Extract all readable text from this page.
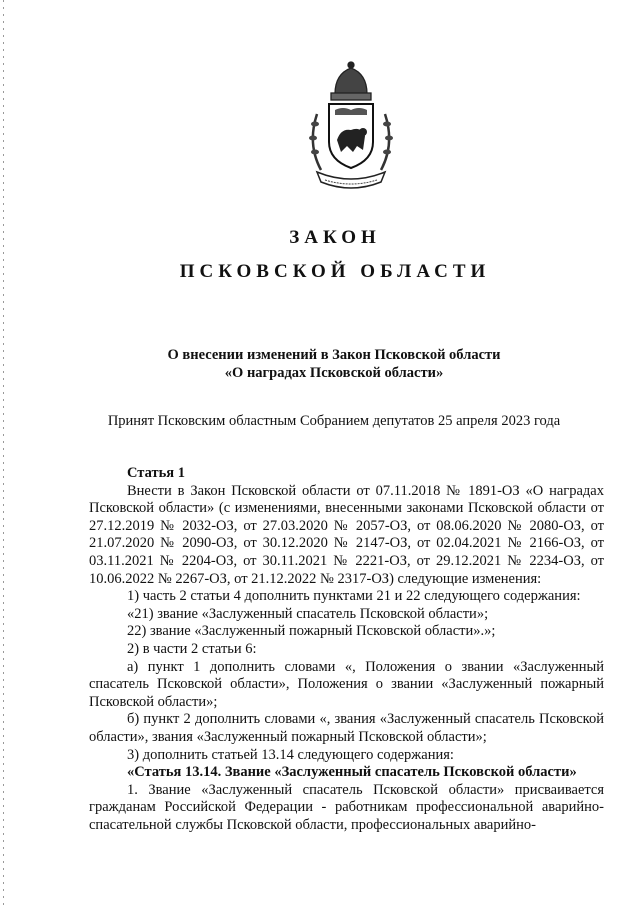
ЗАКОН
ПСКОВСКОЙ ОБЛАСТИ
О внесении изменений в Закон Псковской области
«О наградах Псковской области»
Принят Псковским областным Собранием депутатов 25 апреля 2023 года

Статья 1

Внести в Закон Псковской области от 07.11.2018 № 1891-ОЗ «О наградах Псковской области» (с изменениями, внесенными законами Псковской области от 27.12.2019 № 2032-ОЗ, от 27.03.2020 № 2057-ОЗ, от 08.06.2020 № 2080-ОЗ, от 21.07.2020 № 2090-ОЗ, от 30.12.2020 № 2147-ОЗ, от 02.04.2021 № 2166-ОЗ, от 03.11.2021 № 2204-ОЗ, от 30.11.2021 № 2221-ОЗ, от 29.12.2021 № 2234-ОЗ, от 10.06.2022 № 2267-ОЗ, от 21.12.2022 № 2317-ОЗ) следующие изменения:

1) часть 2 статьи 4 дополнить пунктами 21 и 22 следующего содержания:

«21) звание «Заслуженный спасатель Псковской области»;

22) звание «Заслуженный пожарный Псковской области».»;

2) в части 2 статьи 6:

а) пункт 1 дополнить словами «, Положения о звании «Заслуженный спасатель Псковской области», Положения о звании «Заслуженный пожарный Псковской области»;

б) пункт 2 дополнить словами «, звания «Заслуженный спасатель Псковской области», звания «Заслуженный пожарный Псковской области»;

3) дополнить статьей 13.14 следующего содержания:

«Статья 13.14. Звание «Заслуженный спасатель Псковской области»

1. Звание «Заслуженный спасатель Псковской области» присваивается гражданам Российской Федерации - работникам профессиональной аварийно-спасательной службы Псковской области, профессиональных аварийно-
